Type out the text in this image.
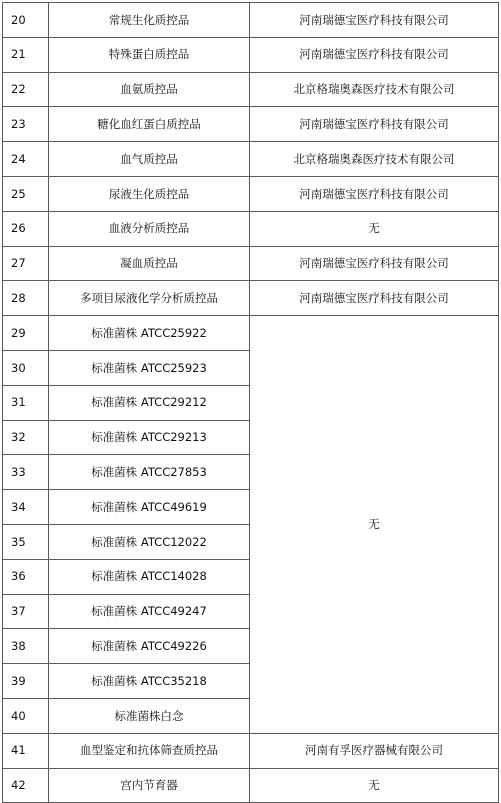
20	常规生化质控品	河南瑞德宝医疗科技有限公司
21	特殊蛋白质控品	河南瑞德宝医疗科技有限公司
22	血氨质控品	北京格瑞奥森医疗技术有限公司
23	糖化血红蛋白质控品	河南瑞德宝医疗科技有限公司
24	血气质控品	北京格瑞奥森医疗技术有限公司
25	尿液生化质控品	河南瑞德宝医疗科技有限公司
26	血液分析质控品	无
27	凝血质控品	河南瑞德宝医疗科技有限公司
28	多项目尿液化学分析质控品	河南瑞德宝医疗科技有限公司
29	标准菌株 ATCC25922	无
30	标准菌株 ATCC25923	
31	标准菌株 ATCC29212	
32	标准菌株 ATCC29213	
33	标准菌株 ATCC27853	
34	标准菌株 ATCC49619	
35	标准菌株 ATCC12022	
36	标准菌株 ATCC14028	
37	标准菌株 ATCC49247	
38	标准菌株 ATCC49226	
39	标准菌株 ATCC35218	
40	标准菌株白念	
41	血型鉴定和抗体筛查质控品	河南有孚医疗器械有限公司
42	宫内节育器	无
